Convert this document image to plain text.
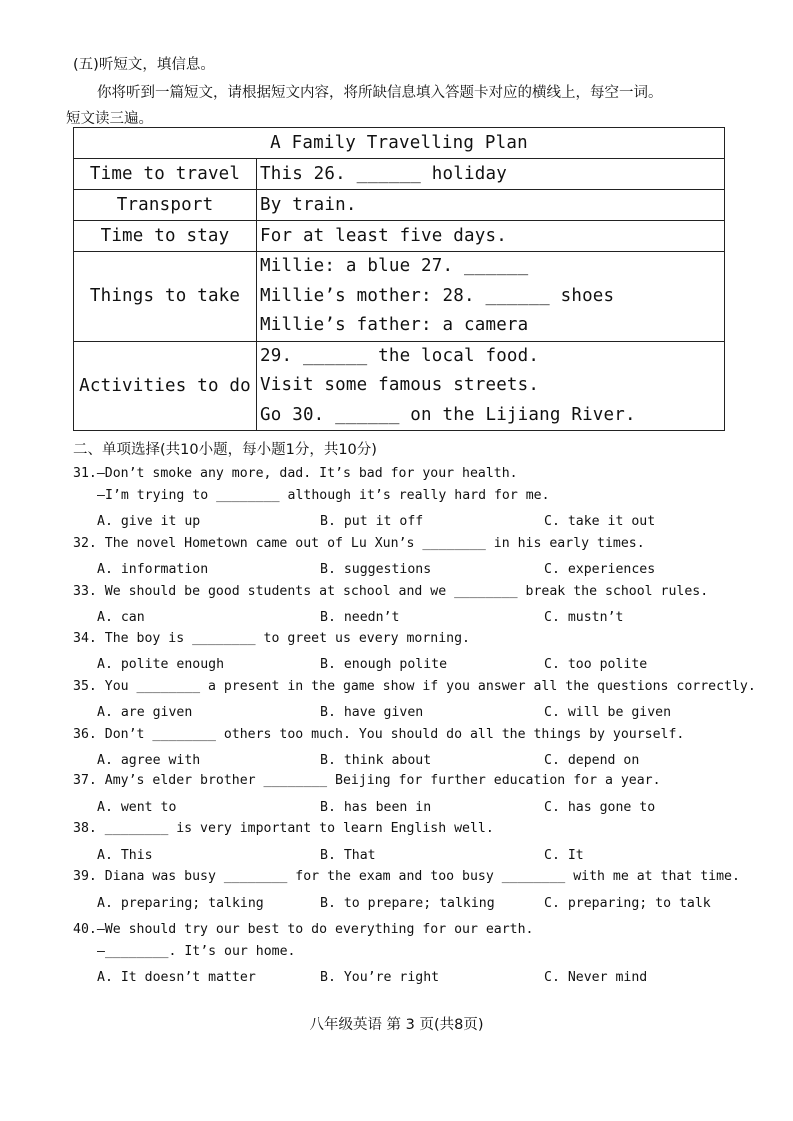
(五)听短文，填信息。
你将听到一篇短文，请根据短文内容，将所缺信息填入答题卡对应的横线上，每空一词。
短文读三遍。
A Family Travelling Plan	
Time to travel	This 26. ______ holiday
Transport	By train.
Time to stay	For at least five days.
Things to take	Millie: a blue 27. ______
Millie’s mother: 28. ______ shoes
Millie’s father: a camera

Activities to do	29. ______ the local food.
Visit some famous streets.
Go 30. ______ on the Lijiang River.
二、单项选择(共10小题，每小题1分，共10分)
31.—Don’t smoke any more, dad. It’s bad for your health.
—I’m trying to ________ although it’s really hard for me.
A. give it up	B. put it off	C. take it out
32. The novel Hometown came out of Lu Xun’s ________ in his early times.
A. information	B. suggestions	C. experiences
33. We should be good students at school and we ________ break the school rules.
A. can	B. needn’t	C. mustn’t
34. The boy is ________ to greet us every morning.
A. polite enough	B. enough polite	C. too polite
35. You ________ a present in the game show if you answer all the questions correctly.
A. are given	B. have given	C. will be given
36. Don’t ________ others too much. You should do all the things by yourself.
A. agree with	B. think about	C. depend on
37. Amy’s elder brother ________ Beijing for further education for a year.
A. went to	B. has been in	C. has gone to
38. ________ is very important to learn English well.
A. This	B. That	C. It
39. Diana was busy ________ for the exam and too busy ________ with me at that time.
A. preparing; talking	B. to prepare; talking	C. preparing; to talk
40.—We should try our best to do everything for our earth.
—________. It’s our home.
A. It doesn’t matter	B. You’re right	C. Never mind
八年级英语 第 3 页(共8页)
